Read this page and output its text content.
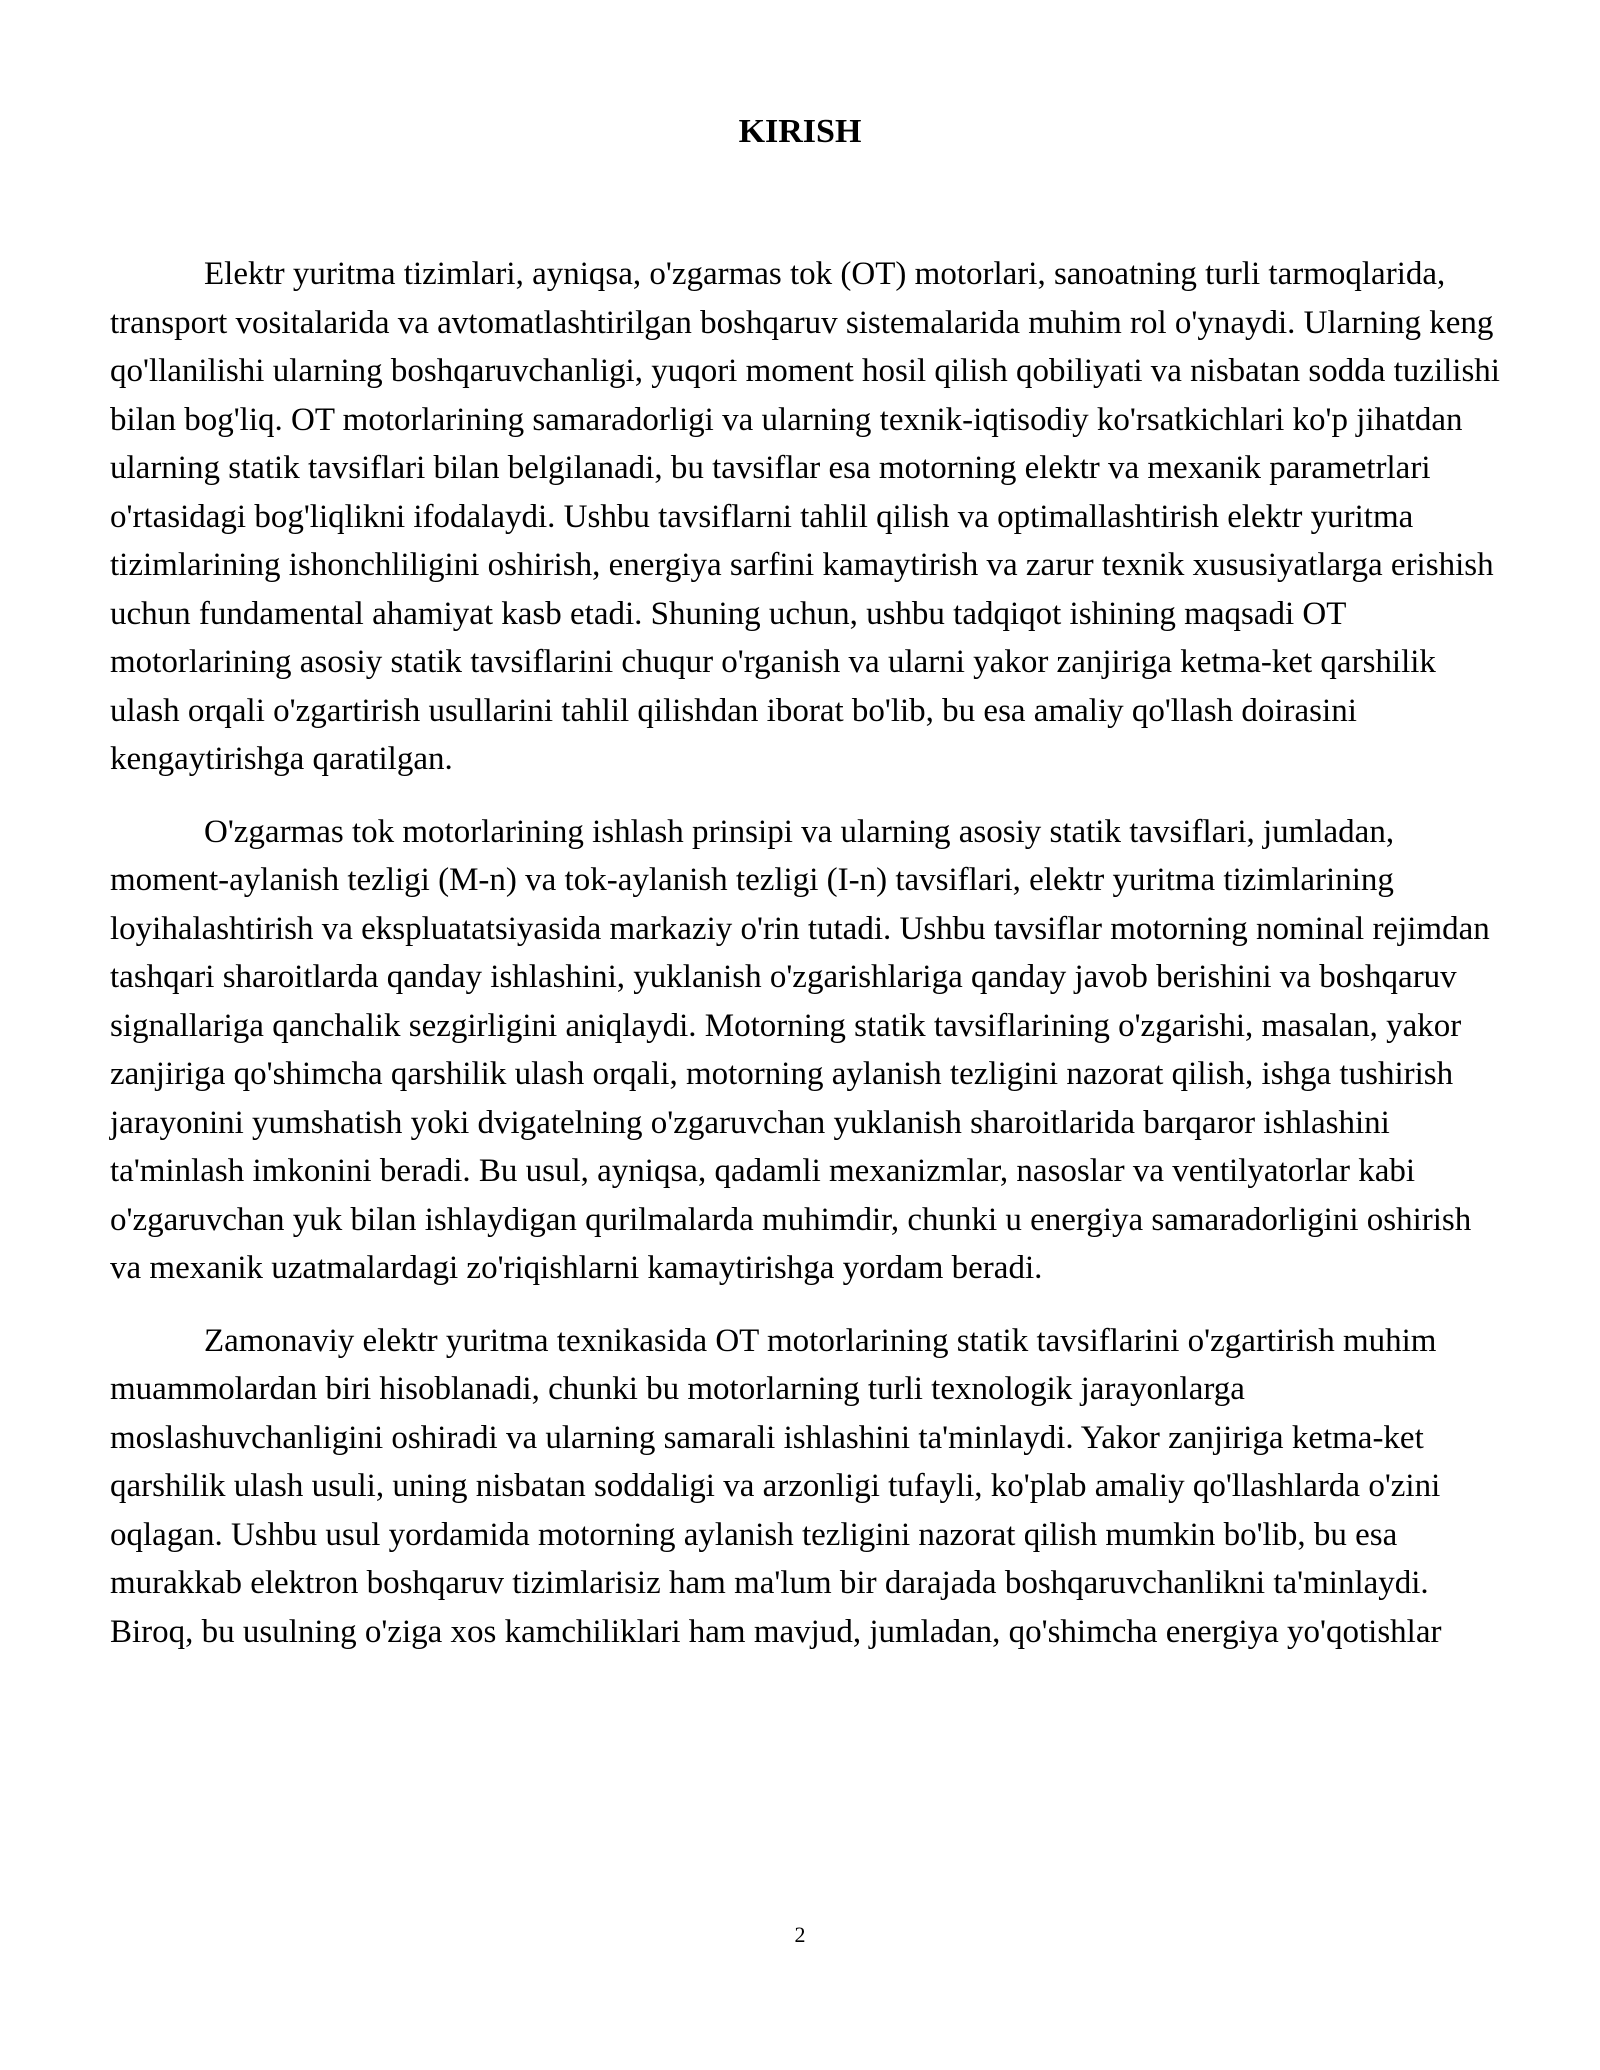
KIRISH

Elektr yuritma tizimlari, ayniqsa, o'zgarmas tok (OT) motorlari, sanoatning turli tarmoqlarida, transport vositalarida va avtomatlashtirilgan boshqaruv sistemalarida muhim rol o'ynaydi. Ularning keng qo'llanilishi ularning boshqaruvchanligi, yuqori moment hosil qilish qobiliyati va nisbatan sodda tuzilishi bilan bog'liq. OT motorlarining samaradorligi va ularning texnik-iqtisodiy ko'rsatkichlari ko'p jihatdan ularning statik tavsiflari bilan belgilanadi, bu tavsiflar esa motorning elektr va mexanik parametrlari o'rtasidagi bog'liqlikni ifodalaydi. Ushbu tavsiflarni tahlil qilish va optimallashtirish elektr yuritma tizimlarining ishonchliligini oshirish, energiya sarfini kamaytirish va zarur texnik xususiyatlarga erishish uchun fundamental ahamiyat kasb etadi. Shuning uchun, ushbu tadqiqot ishining maqsadi OT motorlarining asosiy statik tavsiflarini chuqur o'rganish va ularni yakor zanjiriga ketma-ket qarshilik ulash orqali o'zgartirish usullarini tahlil qilishdan iborat bo'lib, bu esa amaliy qo'llash doirasini kengaytirishga qaratilgan.

O'zgarmas tok motorlarining ishlash prinsipi va ularning asosiy statik tavsiflari, jumladan, moment-aylanish tezligi (M-n) va tok-aylanish tezligi (I-n) tavsiflari, elektr yuritma tizimlarining loyihalashtirish va ekspluatatsiyasida markaziy o'rin tutadi. Ushbu tavsiflar motorning nominal rejimdan tashqari sharoitlarda qanday ishlashini, yuklanish o'zgarishlariga qanday javob berishini va boshqaruv signallariga qanchalik sezgirligini aniqlaydi. Motorning statik tavsiflarining o'zgarishi, masalan, yakor zanjiriga qo'shimcha qarshilik ulash orqali, motorning aylanish tezligini nazorat qilish, ishga tushirish jarayonini yumshatish yoki dvigatelning o'zgaruvchan yuklanish sharoitlarida barqaror ishlashini ta'minlash imkonini beradi. Bu usul, ayniqsa, qadamli mexanizmlar, nasoslar va ventilyatorlar kabi o'zgaruvchan yuk bilan ishlaydigan qurilmalarda muhimdir, chunki u energiya samaradorligini oshirish va mexanik uzatmalardagi zo'riqishlarni kamaytirishga yordam beradi.

Zamonaviy elektr yuritma texnikasida OT motorlarining statik tavsiflarini o'zgartirish muhim muammolardan biri hisoblanadi, chunki bu motorlarning turli texnologik jarayonlarga moslashuvchanligini oshiradi va ularning samarali ishlashini ta'minlaydi. Yakor zanjiriga ketma-ket qarshilik ulash usuli, uning nisbatan soddaligi va arzonligi tufayli, ko'plab amaliy qo'llashlarda o'zini oqlagan. Ushbu usul yordamida motorning aylanish tezligini nazorat qilish mumkin bo'lib, bu esa murakkab elektron boshqaruv tizimlarisiz ham ma'lum bir darajada boshqaruvchanlikni ta'minlaydi. Biroq, bu usulning o'ziga xos kamchiliklari ham mavjud, jumladan, qo'shimcha energiya yo'qotishlar

2
